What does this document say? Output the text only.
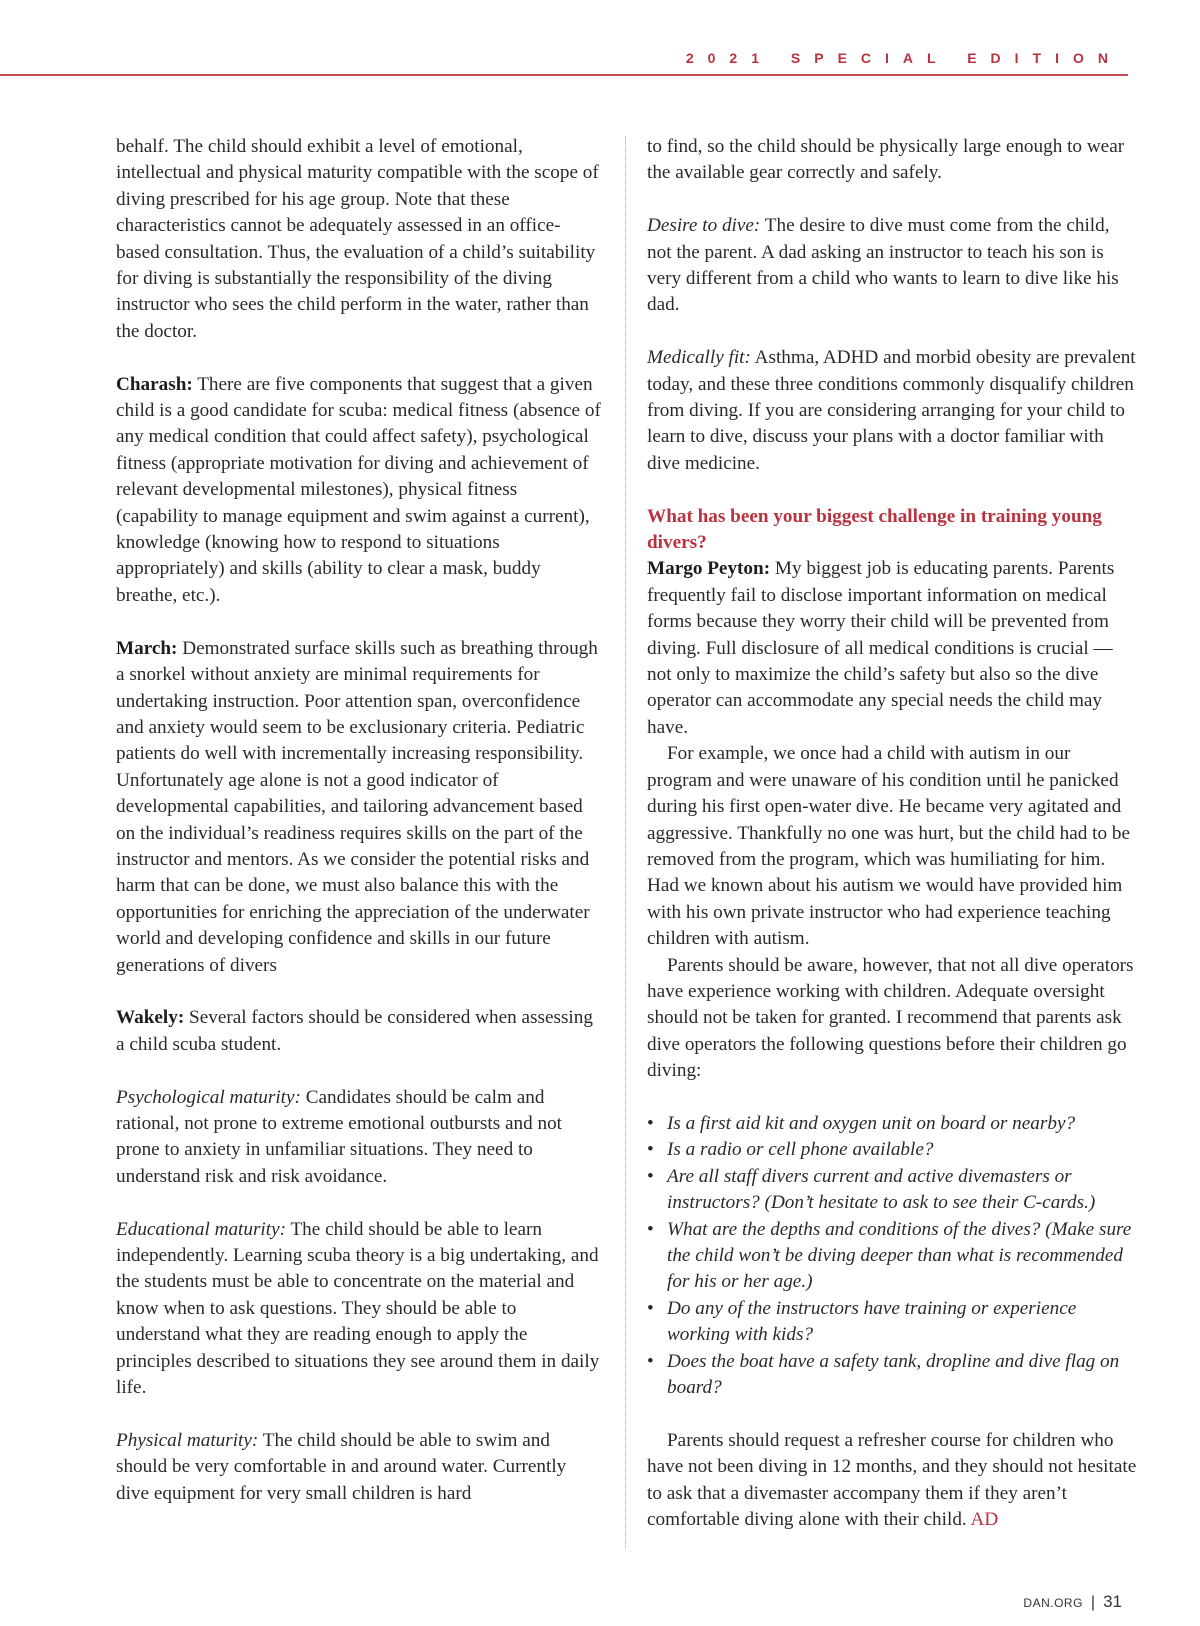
2021 SPECIAL EDITION

behalf. The child should exhibit a level of emotional, intellectual and physical maturity compatible with the scope of diving prescribed for his age group. Note that these characteristics cannot be adequately assessed in an office-based consultation. Thus, the evaluation of a child’s suitability for diving is substantially the responsibility of the diving instructor who sees the child perform in the water, rather than the doctor.

Charash: There are five components that suggest that a given child is a good candidate for scuba: medical fitness (absence of any medical condition that could affect safety), psychological fitness (appropriate motivation for diving and achievement of relevant developmental milestones), physical fitness (capability to manage equipment and swim against a current), knowledge (knowing how to respond to situations appropriately) and skills (ability to clear a mask, buddy breathe, etc.).

March: Demonstrated surface skills such as breathing through a snorkel without anxiety are minimal requirements for undertaking instruction. Poor attention span, overconfidence and anxiety would seem to be exclusionary criteria. Pediatric patients do well with incrementally increasing responsibility. Unfortunately age alone is not a good indicator of developmental capabilities, and tailoring advancement based on the individual’s readiness requires skills on the part of the instructor and mentors. As we consider the potential risks and harm that can be done, we must also balance this with the opportunities for enriching the appreciation of the underwater world and developing confidence and skills in our future generations of divers

Wakely: Several factors should be considered when assessing a child scuba student.

Psychological maturity: Candidates should be calm and rational, not prone to extreme emotional outbursts and not prone to anxiety in unfamiliar situations. They need to understand risk and risk avoidance.

Educational maturity: The child should be able to learn independently. Learning scuba theory is a big undertaking, and the students must be able to concentrate on the material and know when to ask questions. They should be able to understand what they are reading enough to apply the principles described to situations they see around them in daily life.

Physical maturity: The child should be able to swim and should be very comfortable in and around water. Currently dive equipment for very small children is hard

to find, so the child should be physically large enough to wear the available gear correctly and safely.

Desire to dive: The desire to dive must come from the child, not the parent. A dad asking an instructor to teach his son is very different from a child who wants to learn to dive like his dad.

Medically fit: Asthma, ADHD and morbid obesity are prevalent today, and these three conditions commonly disqualify children from diving. If you are considering arranging for your child to learn to dive, discuss your plans with a doctor familiar with dive medicine.

What has been your biggest challenge in training young divers?

Margo Peyton: My biggest job is educating parents. Parents frequently fail to disclose important information on medical forms because they worry their child will be prevented from diving. Full disclosure of all medical conditions is crucial — not only to maximize the child’s safety but also so the dive operator can accommodate any special needs the child may have.

For example, we once had a child with autism in our program and were unaware of his condition until he panicked during his first open-water dive. He became very agitated and aggressive. Thankfully no one was hurt, but the child had to be removed from the program, which was humiliating for him. Had we known about his autism we would have provided him with his own private instructor who had experience teaching children with autism.

Parents should be aware, however, that not all dive operators have experience working with children. Adequate oversight should not be taken for granted. I recommend that parents ask dive operators the following questions before their children go diving:

• Is a first aid kit and oxygen unit on board or nearby?
• Is a radio or cell phone available?
• Are all staff divers current and active divemasters or instructors? (Don’t hesitate to ask to see their C-cards.)
• What are the depths and conditions of the dives? (Make sure the child won’t be diving deeper than what is recommended for his or her age.)
• Do any of the instructors have training or experience working with kids?
• Does the boat have a safety tank, dropline and dive flag on board?

Parents should request a refresher course for children who have not been diving in 12 months, and they should not hesitate to ask that a divemaster accompany them if they aren’t comfortable diving alone with their child. AD

DAN.ORG | 31
